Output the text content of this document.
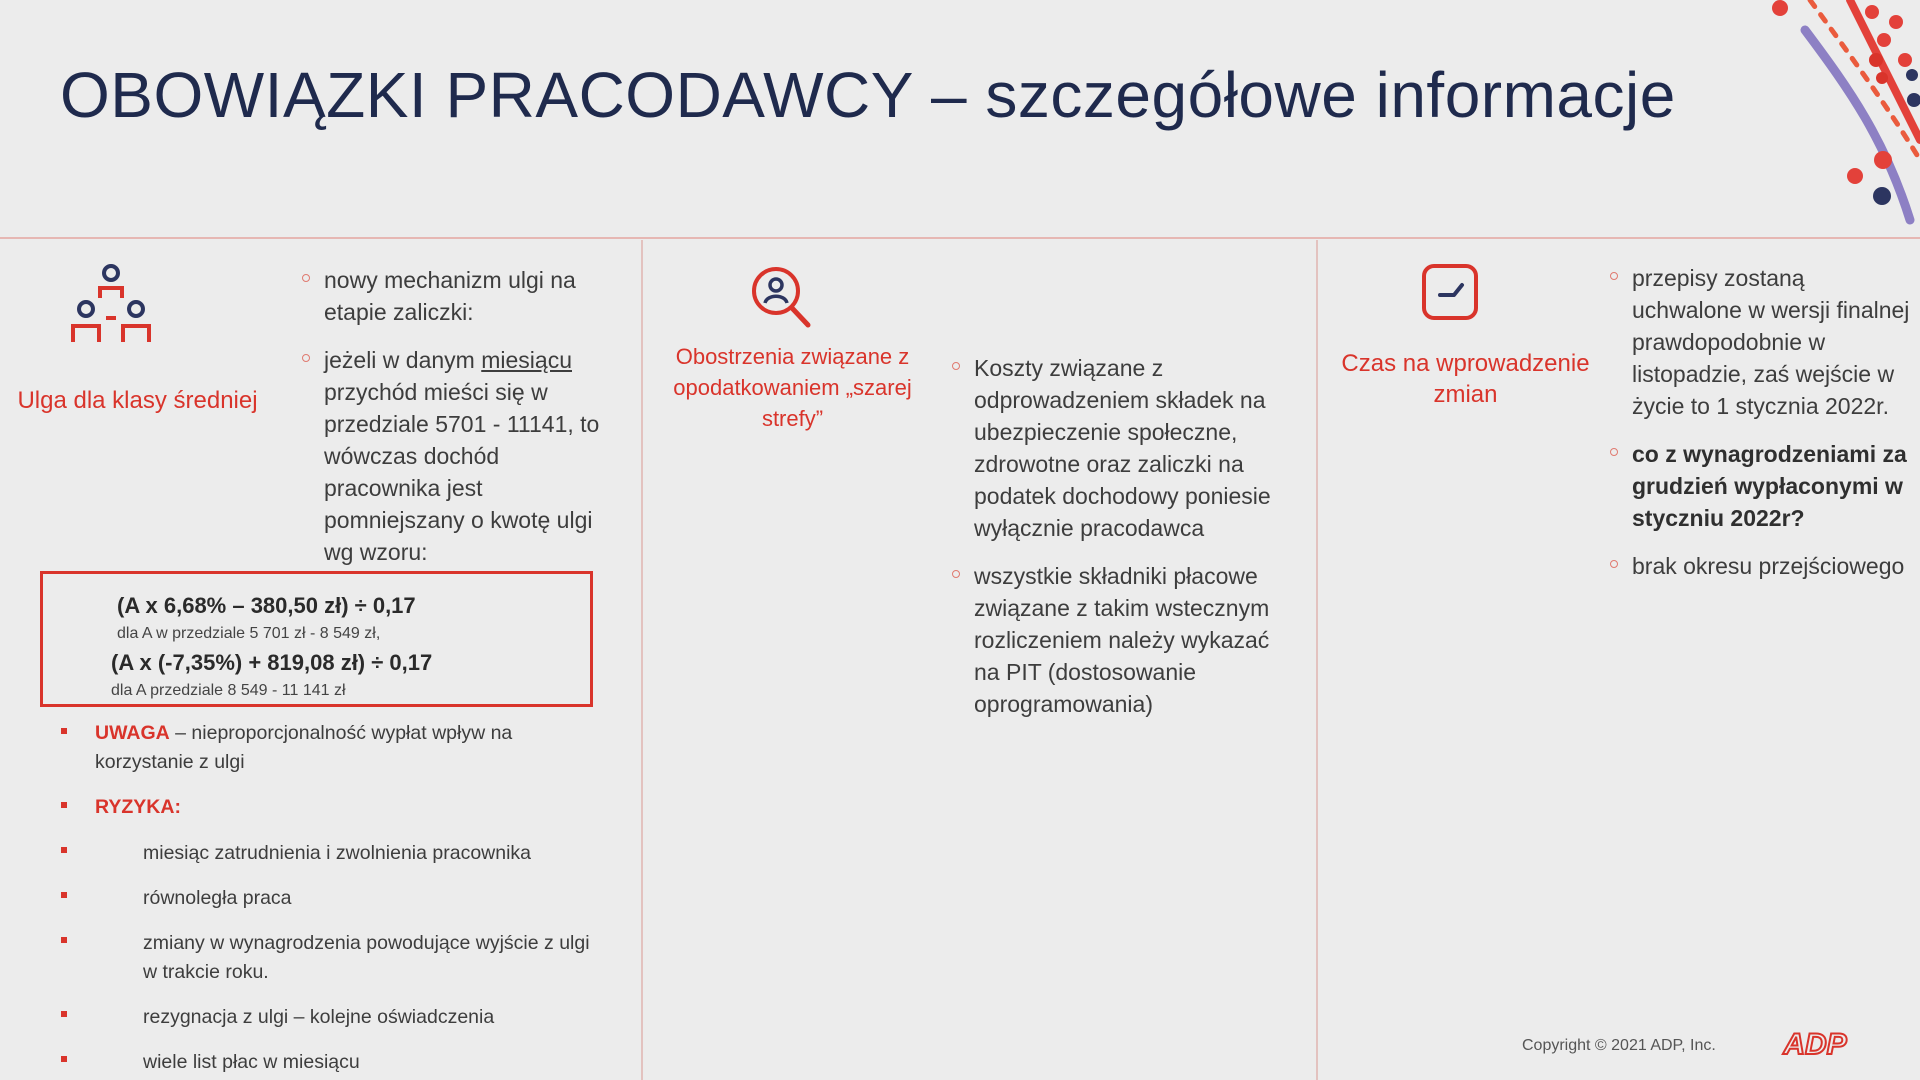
OBOWIĄZKI PRACODAWCY – szczegółowe informacje
Ulga dla klasy średniej
nowy mechanizm ulgi na etapie zaliczki:
jeżeli w danym miesiącu przychód mieści się w przedziale 5701 - 11141, to wówczas dochód pracownika jest pomniejszany o kwotę ulgi wg wzoru:
(A x 6,68% – 380,50 zł) ÷ 0,17
dla A w przedziale 5 701 zł - 8 549 zł,
(A x (-7,35%) + 819,08 zł) ÷ 0,17
dla A przedziale 8 549 - 11 141 zł
UWAGA – nieproporcjonalność wypłat wpływ na korzystanie z ulgi
RYZYKA:
miesiąc zatrudnienia i zwolnienia pracownika
równoległa praca
zmiany w wynagrodzenia powodujące wyjście z ulgi w trakcie roku.
rezygnacja z ulgi – kolejne oświadczenia
wiele list płac w miesiącu
Obostrzenia związane z opodatkowaniem „szarej strefy”
Koszty związane z odprowadzeniem składek na ubezpieczenie społeczne, zdrowotne oraz zaliczki na podatek dochodowy poniesie wyłącznie pracodawca
wszystkie składniki płacowe związane z takim wstecznym rozliczeniem należy wykazać na PIT (dostosowanie oprogramowania)
Czas na wprowadzenie zmian
przepisy zostaną uchwalone w wersji finalnej prawdopodobnie w listopadzie, zaś wejście w życie to 1 stycznia 2022r.
co z wynagrodzeniami za grudzień wypłaconymi w styczniu 2022r?
brak okresu przejściowego
Copyright © 2021 ADP, Inc. ADP
